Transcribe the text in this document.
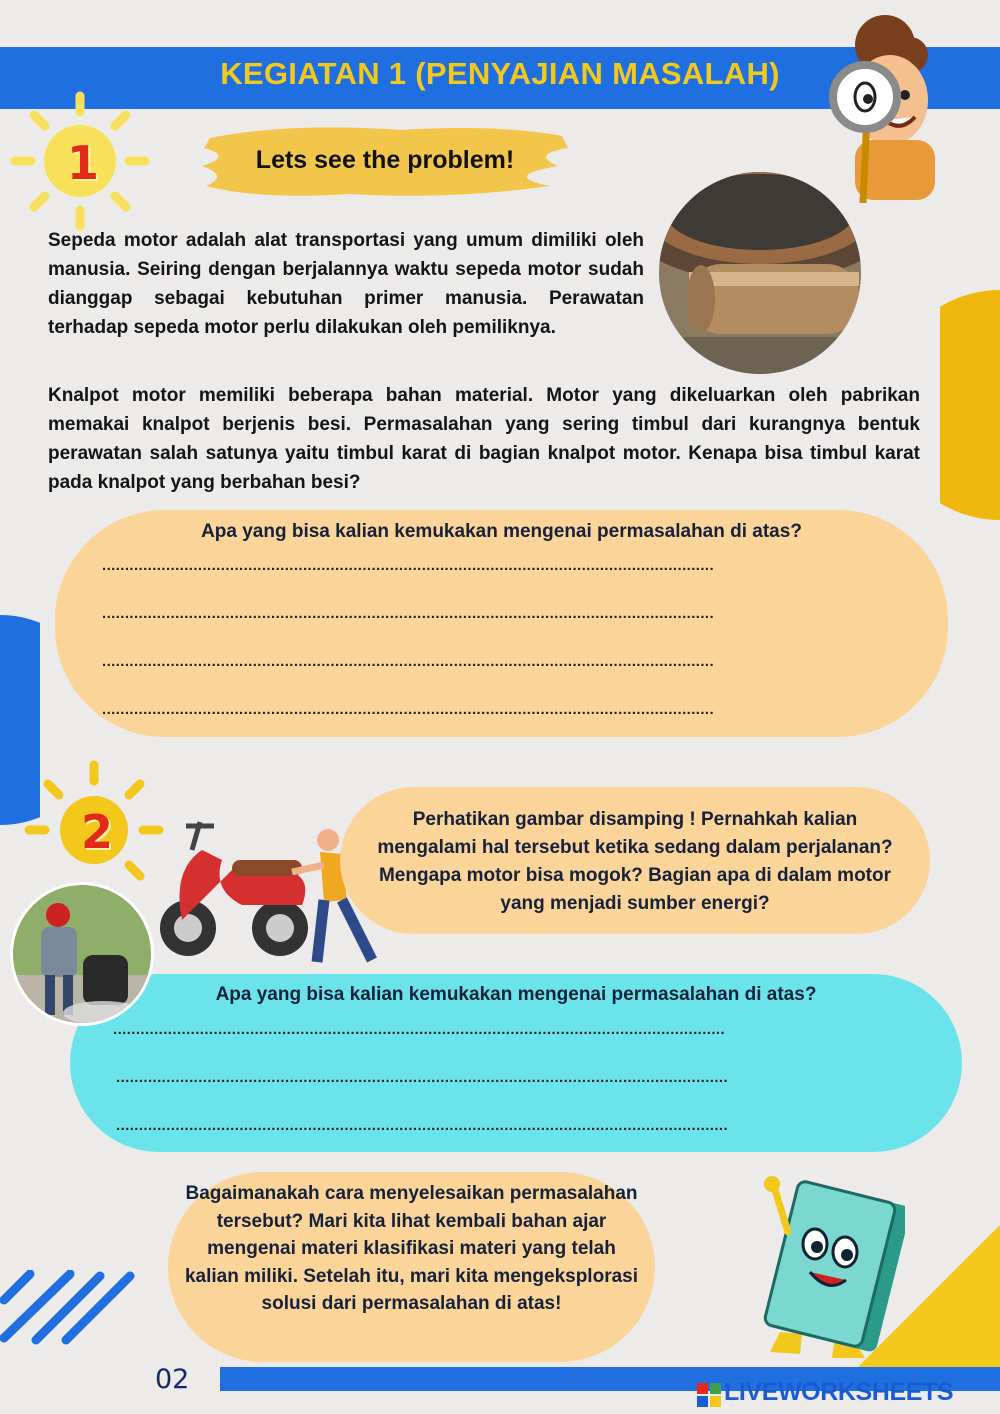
KEGIATAN 1 (PENYAJIAN MASALAH)
1	Lets see the problem!
Sepeda motor adalah alat transportasi yang umum dimiliki oleh manusia. Seiring dengan berjalannya waktu sepeda motor sudah dianggap sebagai kebutuhan primer manusia. Perawatan terhadap sepeda motor perlu dilakukan oleh pemiliknya.
Knalpot motor memiliki beberapa bahan material. Motor yang dikeluarkan oleh pabrikan memakai knalpot berjenis besi. Permasalahan yang sering timbul dari kurangnya bentuk perawatan salah satunya yaitu timbul karat di bagian knalpot motor. Kenapa bisa timbul karat pada knalpot yang berbahan besi?
Apa yang bisa kalian kemukakan mengenai permasalahan di atas?
......................................................................................................................................
......................................................................................................................................
......................................................................................................................................
......................................................................................................................................
2	Perhatikan gambar disamping ! Pernahkah kalian mengalami hal tersebut ketika sedang dalam perjalanan? Mengapa motor bisa mogok? Bagian apa di dalam motor yang menjadi sumber energi?
Apa yang bisa kalian kemukakan mengenai permasalahan di atas?
......................................................................................................................................
......................................................................................................................................
......................................................................................................................................
Bagaimanakah cara menyelesaikan permasalahan tersebut? Mari kita lihat kembali bahan ajar mengenai materi klasifikasi materi yang telah kalian miliki. Setelah itu, mari kita mengeksplorasi solusi dari permasalahan di atas!
02	LIVEWORKSHEETS
